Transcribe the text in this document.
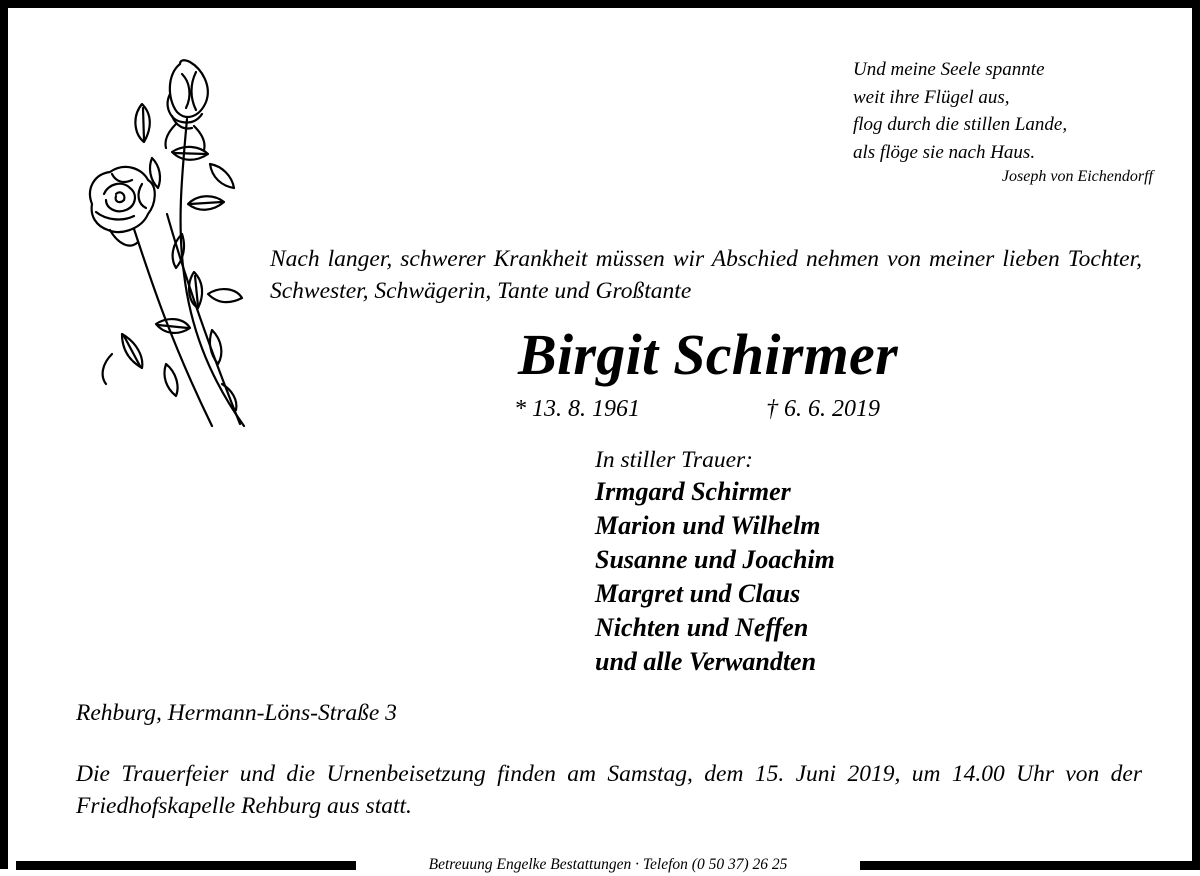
Und meine Seele spannte
weit ihre Flügel aus,
flog durch die stillen Lande,
als flöge sie nach Haus.
Joseph von Eichendorff
Nach langer, schwerer Krankheit müssen wir Abschied nehmen von meiner lieben Tochter, Schwester, Schwägerin, Tante und Großtante
Birgit Schirmer
* 13. 8. 1961	† 6. 6. 2019
In stiller Trauer:
Irmgard Schirmer
Marion und Wilhelm
Susanne und Joachim
Margret und Claus
Nichten und Neffen
und alle Verwandten
Rehburg, Hermann-Löns-Straße 3
Die Trauerfeier und die Urnenbeisetzung finden am Samstag, dem 15. Juni 2019, um 14.00 Uhr von der Friedhofskapelle Rehburg aus statt.
Betreuung Engelke Bestattungen · Telefon (0 50 37) 26 25
